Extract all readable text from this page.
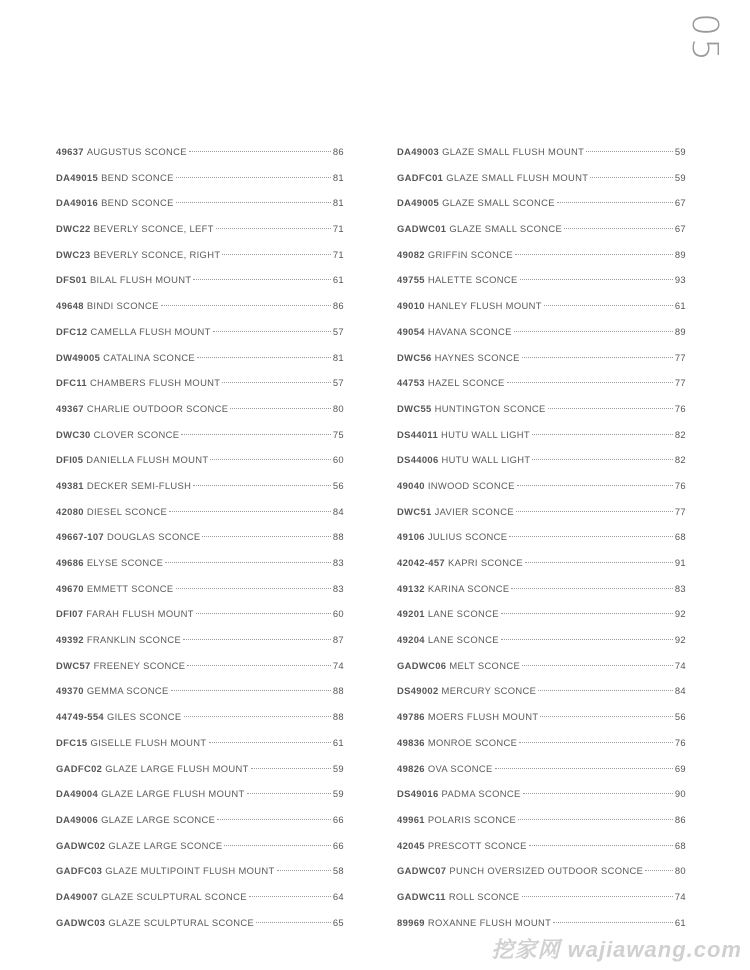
05
49637 AUGUSTUS SCONCE	86
DA49015 BEND SCONCE	81
DA49016 BEND SCONCE	81
DWC22 BEVERLY SCONCE, LEFT	71
DWC23 BEVERLY SCONCE, RIGHT	71
DFS01 BILAL FLUSH MOUNT	61
49648 BINDI SCONCE	86
DFC12 CAMELLA FLUSH MOUNT	57
DW49005 CATALINA SCONCE	81
DFC11 CHAMBERS FLUSH MOUNT	57
49367 CHARLIE OUTDOOR SCONCE	80
DWC30 CLOVER SCONCE	75
DFI05 DANIELLA FLUSH MOUNT	60
49381 DECKER SEMI-FLUSH	56
42080 DIESEL SCONCE	84
49667-107 DOUGLAS SCONCE	88
49686 ELYSE SCONCE	83
49670 EMMETT SCONCE	83
DFI07 FARAH FLUSH MOUNT	60
49392 FRANKLIN SCONCE	87
DWC57 FREENEY SCONCE	74
49370 GEMMA SCONCE	88
44749-554 GILES SCONCE	88
DFC15 GISELLE FLUSH MOUNT	61
GADFC02 GLAZE LARGE FLUSH MOUNT	59
DA49004 GLAZE LARGE FLUSH MOUNT	59
DA49006 GLAZE LARGE SCONCE	66
GADWC02 GLAZE LARGE SCONCE	66
GADFC03 GLAZE MULTIPOINT FLUSH MOUNT	58
DA49007 GLAZE SCULPTURAL SCONCE	64
GADWC03 GLAZE SCULPTURAL SCONCE	65
DA49003 GLAZE SMALL FLUSH MOUNT	59
GADFC01 GLAZE SMALL FLUSH MOUNT	59
DA49005 GLAZE SMALL SCONCE	67
GADWC01 GLAZE SMALL SCONCE	67
49082 GRIFFIN SCONCE	89
49755 HALETTE SCONCE	93
49010 HANLEY FLUSH MOUNT	61
49054 HAVANA SCONCE	89
DWC56 HAYNES SCONCE	77
44753 HAZEL SCONCE	77
DWC55 HUNTINGTON SCONCE	76
DS44011 HUTU WALL LIGHT	82
DS44006 HUTU WALL LIGHT	82
49040 INWOOD SCONCE	76
DWC51 JAVIER SCONCE	77
49106 JULIUS SCONCE	68
42042-457 KAPRI SCONCE	91
49132 KARINA SCONCE	83
49201 LANE SCONCE	92
49204 LANE SCONCE	92
GADWC06 MELT SCONCE	74
DS49002 MERCURY SCONCE	84
49786 MOERS FLUSH MOUNT	56
49836 MONROE SCONCE	76
49826 OVA SCONCE	69
DS49016 PADMA SCONCE	90
49961 POLARIS SCONCE	86
42045 PRESCOTT SCONCE	68
GADWC07 PUNCH OVERSIZED OUTDOOR SCONCE	80
GADWC11 ROLL SCONCE	74
89969 ROXANNE FLUSH MOUNT	61
挖家网 wajiawang.com
